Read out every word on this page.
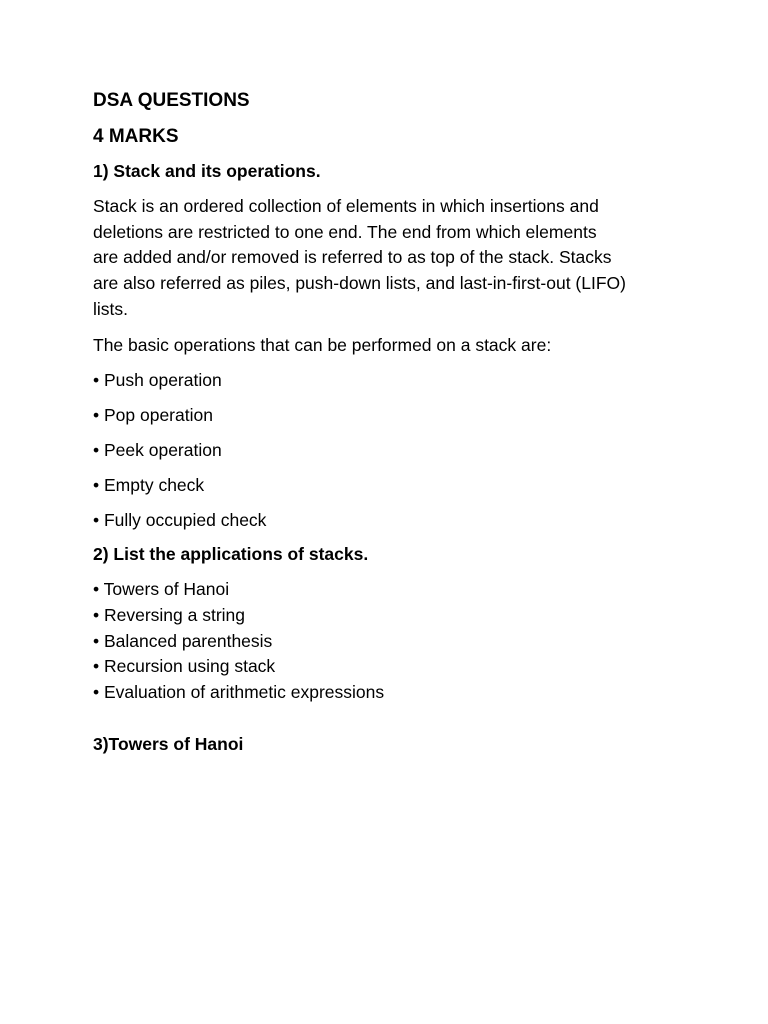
DSA QUESTIONS
4 MARKS
1) Stack and its operations.
Stack is an ordered collection of elements in which insertions and
deletions are restricted to one end. The end from which elements
are added and/or removed is referred to as top of the stack. Stacks
are also referred as piles, push-down lists, and last-in-first-out (LIFO)
lists.
The basic operations that can be performed on a stack are:
• Push operation
• Pop operation
• Peek operation
• Empty check
• Fully occupied check
2) List the applications of stacks.
• Towers of Hanoi
• Reversing a string
• Balanced parenthesis
• Recursion using stack
• Evaluation of arithmetic expressions
3)Towers of Hanoi
